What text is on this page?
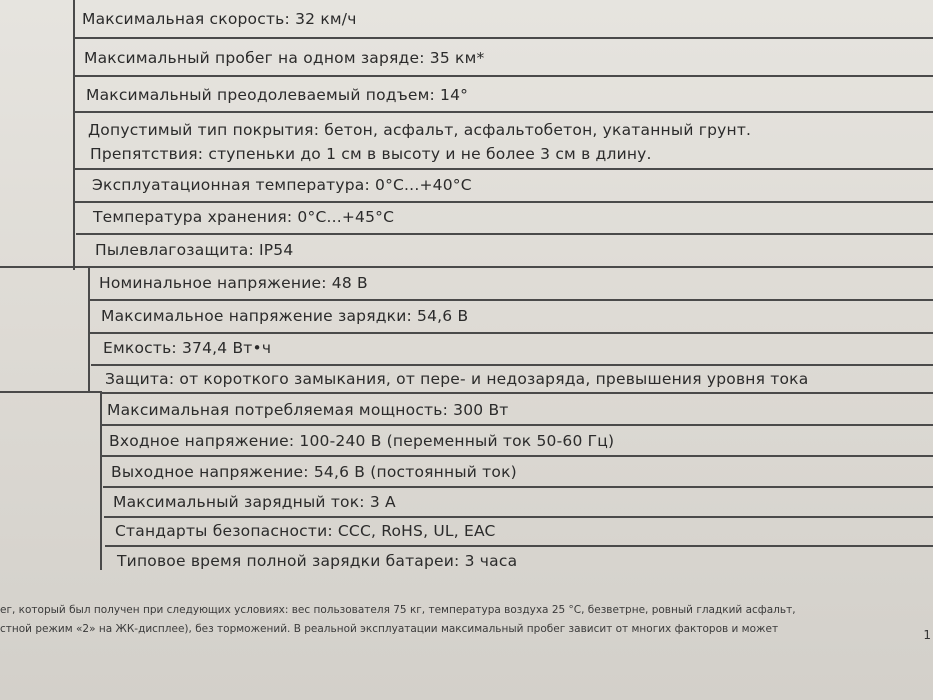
Максимальная скорость: 32 км/ч
Максимальный пробег на одном заряде: 35 км*
Максимальный преодолеваемый подъем: 14°
Допустимый тип покрытия: бетон, асфальт, асфальтобетон, укатанный грунт.
Препятствия: ступеньки до 1 см в высоту и не более 3 см в длину.
Эксплуатационная температура: 0°C...+40°C
Температура хранения: 0°C...+45°C
Пылевлагозащита: IP54
Номинальное напряжение: 48 В
Максимальное напряжение зарядки: 54,6 В
Емкость: 374,4 Вт•ч
Защита: от короткого замыкания, от пере- и недозаряда, превышения уровня тока
Максимальная потребляемая мощность: 300 Вт
Входное напряжение: 100-240 В (переменный ток 50-60 Гц)
Выходное напряжение: 54,6 В (постоянный ток)
Максимальный зарядный ток: 3 А
Стандарты безопасности: CCC, RoHS, UL, EAC
Типовое время полной зарядки батареи: 3 часа
ег, который был получен при следующих условиях: вес пользователя 75 кг, температура воздуха 25 °C, безветрне, ровный гладкий асфальт,
стной режим «2» на ЖК-дисплее), без торможений. В реальной эксплуатации максимальный пробег зависит от многих факторов и может	1
